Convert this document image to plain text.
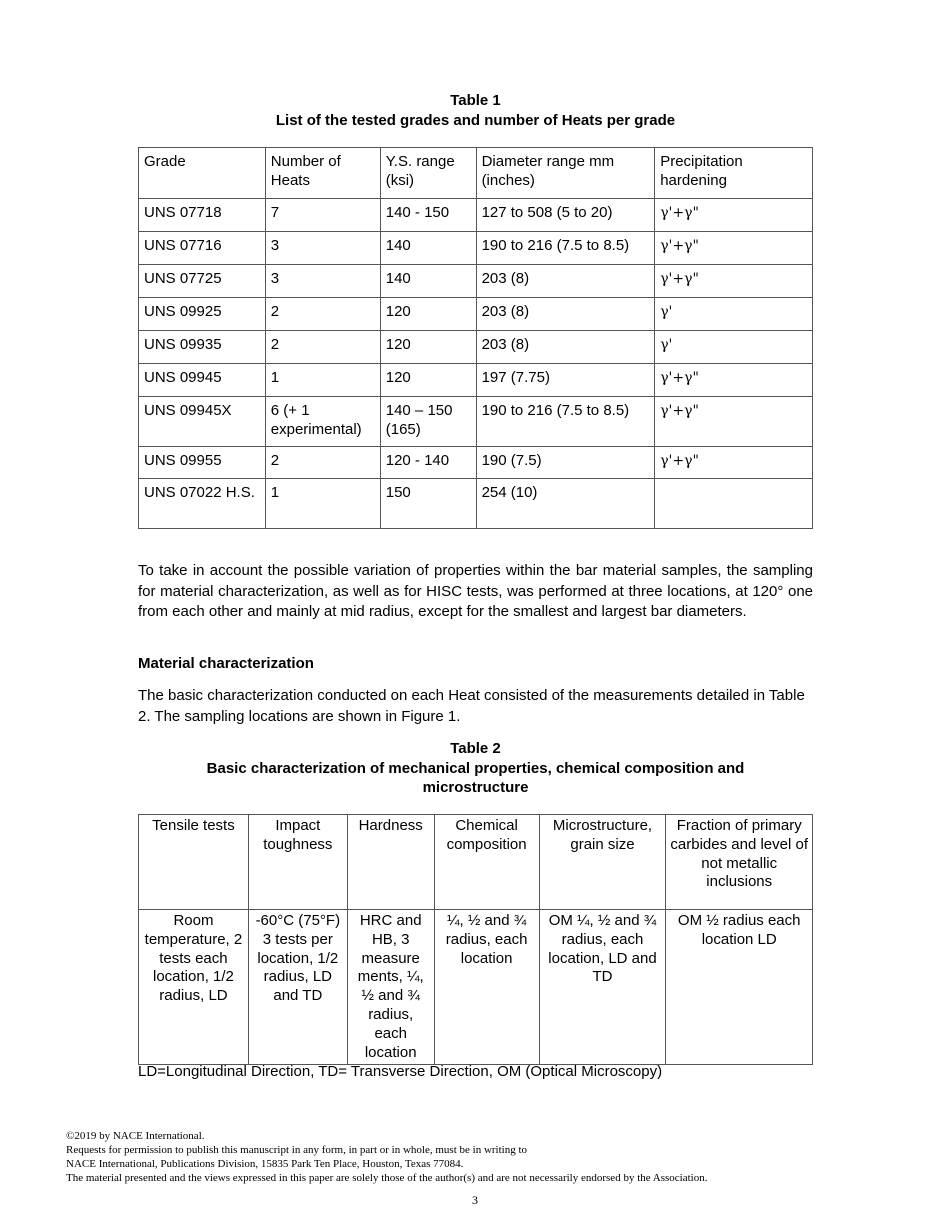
Table 1
List of the tested grades and number of Heats per grade
Grade	Number of Heats	Y.S. range (ksi)	Diameter range mm (inches)	Precipitation hardening
UNS 07718	7	140 - 150	127 to 508 (5 to 20)	γ'+γ"
UNS 07716	3	140	190 to 216 (7.5 to 8.5)	γ'+γ"
UNS 07725	3	140	203 (8)	γ'+γ"
UNS 09925	2	120	203 (8)	γ'
UNS 09935	2	120	203 (8)	γ'
UNS 09945	1	120	197 (7.75)	γ'+γ"
UNS 09945X	6 (+ 1 experimental)	140 – 150 (165)	190 to 216 (7.5 to 8.5)	γ'+γ"
UNS 09955	2	120 - 140	190 (7.5)	γ'+γ"
UNS 07022 H.S.	1	150	254 (10)	

To take in account the possible variation of properties within the bar material samples, the sampling for material characterization, as well as for HISC tests, was performed at three locations, at 120° one from each other and mainly at mid radius, except for the smallest and largest bar diameters.

Material characterization

The basic characterization conducted on each Heat consisted of the measurements detailed in Table 2. The sampling locations are shown in Figure 1.

Table 2
Basic characterization of mechanical properties, chemical composition and microstructure
Tensile tests	Impact toughness	Hardness	Chemical composition	Microstructure, grain size	Fraction of primary carbides and level of not metallic inclusions
Room temperature, 2 tests each location, 1/2 radius, LD	-60°C (75°F) 3 tests per location, 1/2 radius, LD and TD	HRC and HB, 3 measure ments, ¼, ½ and ¾ radius, each location	¼, ½ and ¾ radius, each location	OM ¼, ½ and ¾ radius, each location, LD and TD	OM ½ radius each location LD

LD=Longitudinal Direction, TD= Transverse Direction, OM (Optical Microscopy)

©2019 by NACE International.
Requests for permission to publish this manuscript in any form, in part or in whole, must be in writing to
NACE International, Publications Division, 15835 Park Ten Place, Houston, Texas 77084.
The material presented and the views expressed in this paper are solely those of the author(s) and are not necessarily endorsed by the Association.
3
